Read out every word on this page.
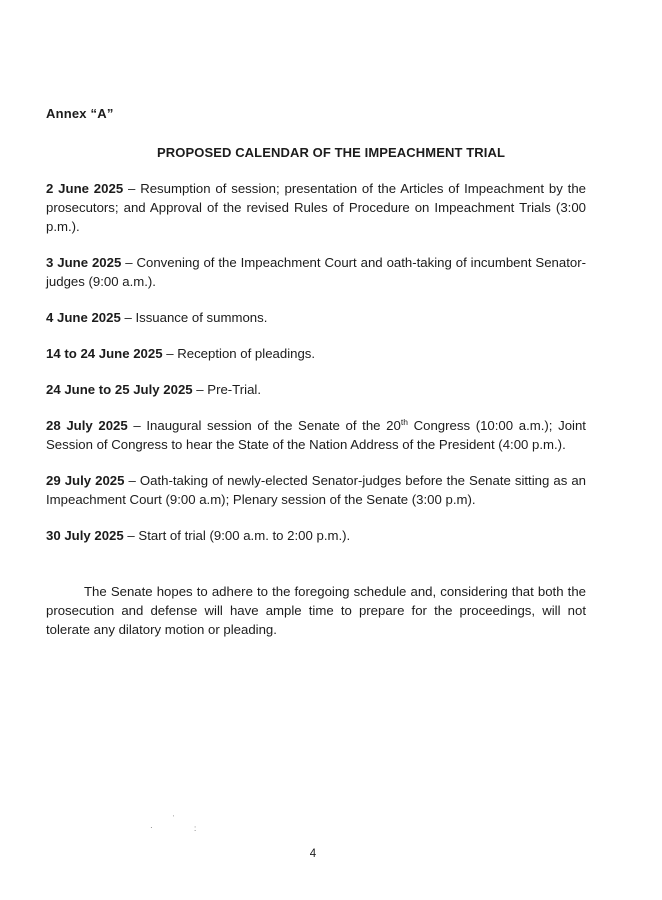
Annex “A”
PROPOSED CALENDAR OF THE IMPEACHMENT TRIAL

2 June 2025 – Resumption of session; presentation of the Articles of Impeachment by the prosecutors; and Approval of the revised Rules of Procedure on Impeachment Trials (3:00 p.m.).

3 June 2025 – Convening of the Impeachment Court and oath-taking of incumbent Senator-judges (9:00 a.m.).

4 June 2025 – Issuance of summons.

14 to 24 June 2025 – Reception of pleadings.

24 June to 25 July 2025 – Pre-Trial.

28 July 2025 – Inaugural session of the Senate of the 20th Congress (10:00 a.m.); Joint Session of Congress to hear the State of the Nation Address of the President (4:00 p.m.).

29 July 2025 – Oath-taking of newly-elected Senator-judges before the Senate sitting as an Impeachment Court (9:00 a.m); Plenary session of the Senate (3:00 p.m).

30 July 2025 – Start of trial (9:00 a.m. to 2:00 p.m.).

The Senate hopes to adhere to the foregoing schedule and, considering that both the prosecution and defense will have ample time to prepare for the proceedings, will not tolerate any dilatory motion or pleading.

ˈ
·	:
4
